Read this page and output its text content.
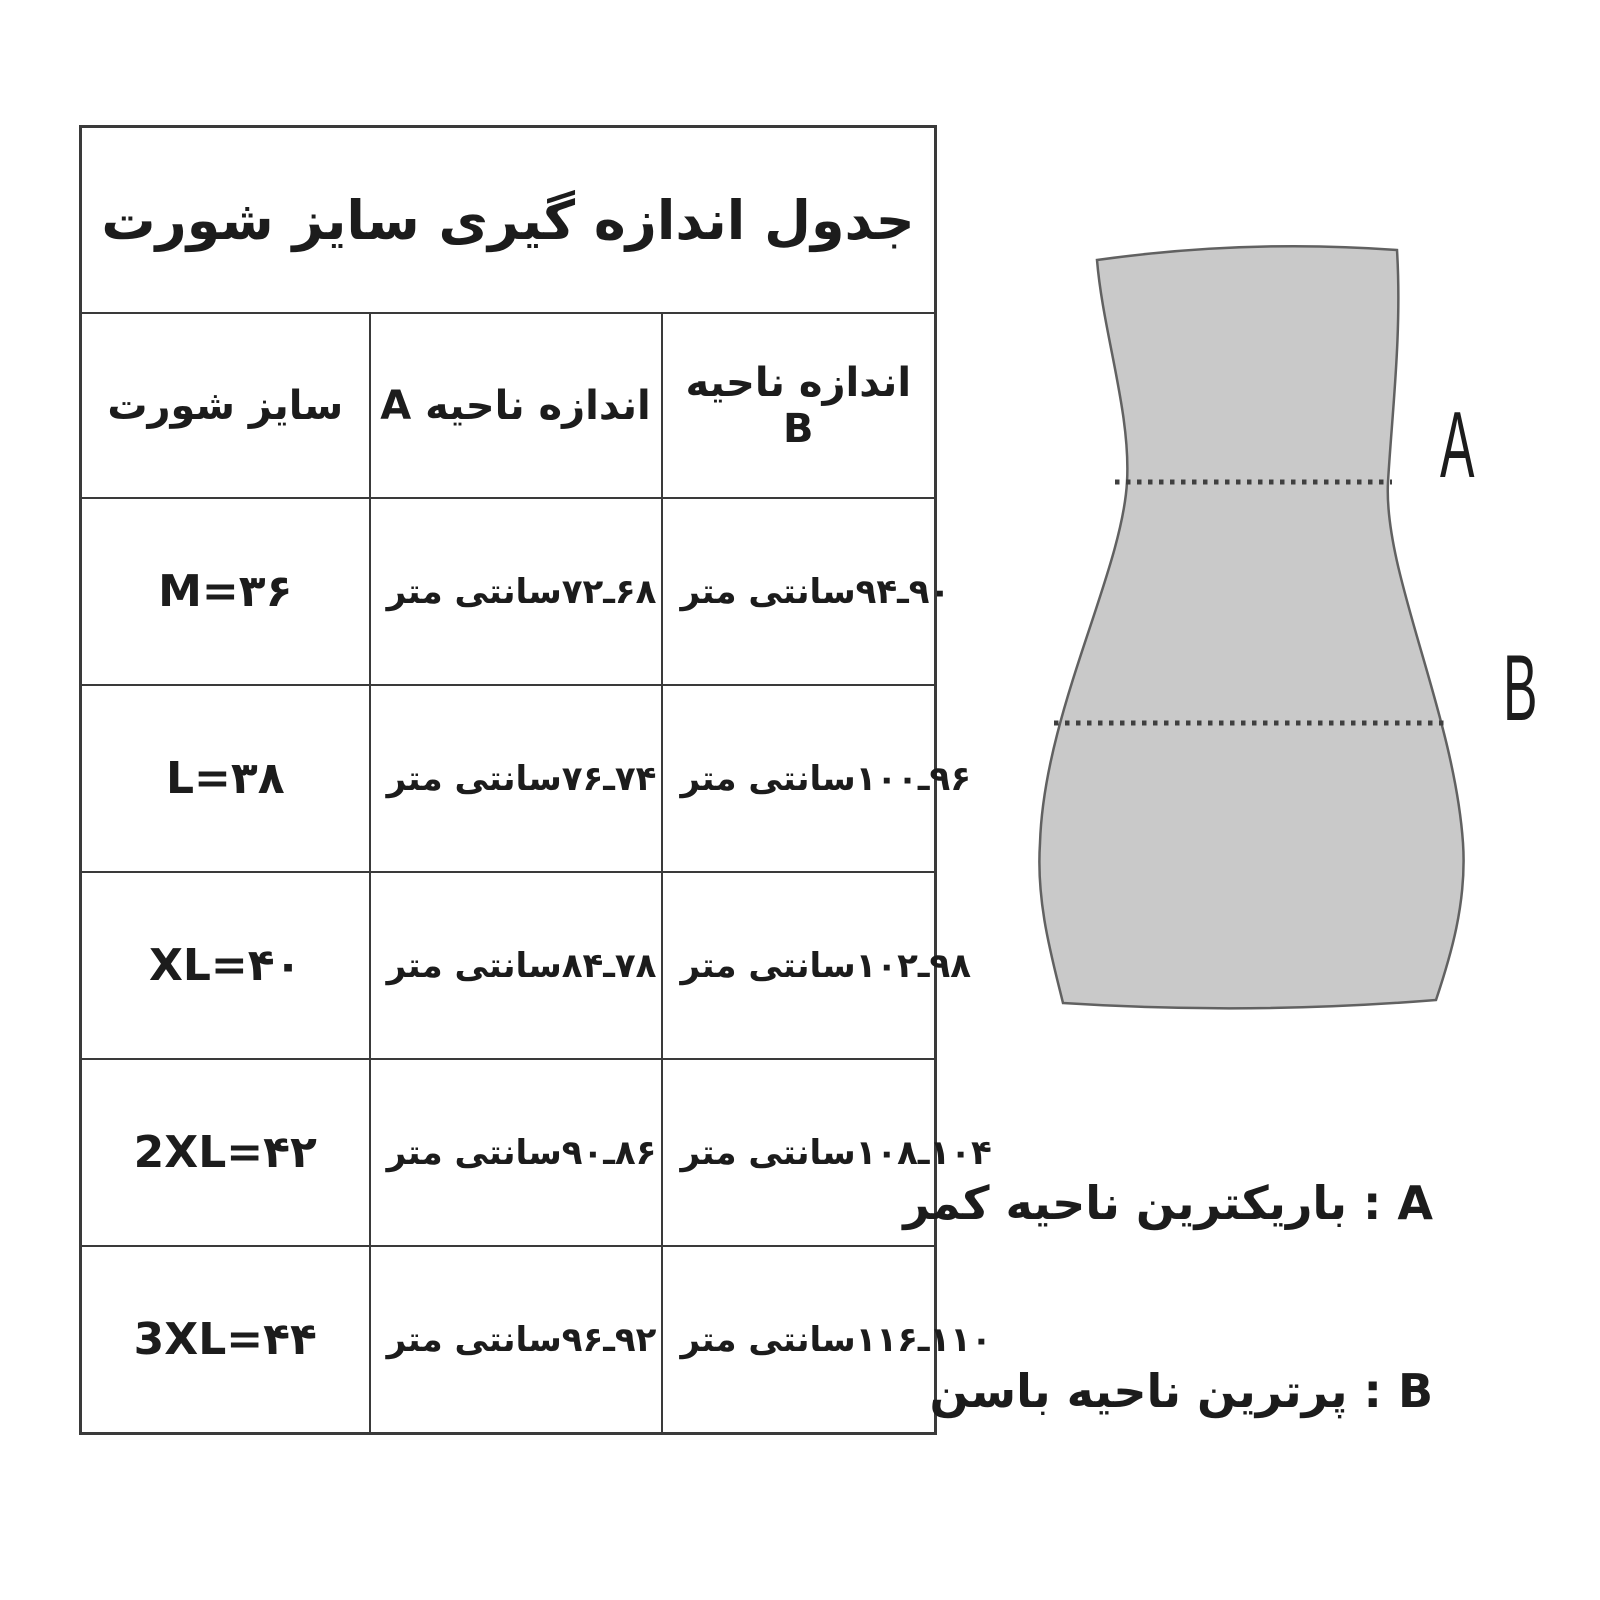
جدول اندازه گیری سایز شورت		
سایز شورت	اندازه ناحیه A	اندازه ناحیه B
M=۳۶	۷۲ـ۶۸سانتی متر	۹۴ـ۹۰سانتی متر
L=۳۸	۷۶ـ۷۴سانتی متر	۱۰۰ـ۹۶سانتی متر
XL=۴۰	۸۴ـ۷۸سانتی متر	۱۰۲ـ۹۸سانتی متر
2XL=۴۲	۹۰ـ۸۶سانتی متر	۱۰۸ـ۱۰۴سانتی متر
3XL=۴۴	۹۶ـ۹۲سانتی متر	۱۱۶ـ۱۱۰سانتی متر
A
B
A : باریکترین ناحیه کمر
B : پرترین ناحیه باسن
